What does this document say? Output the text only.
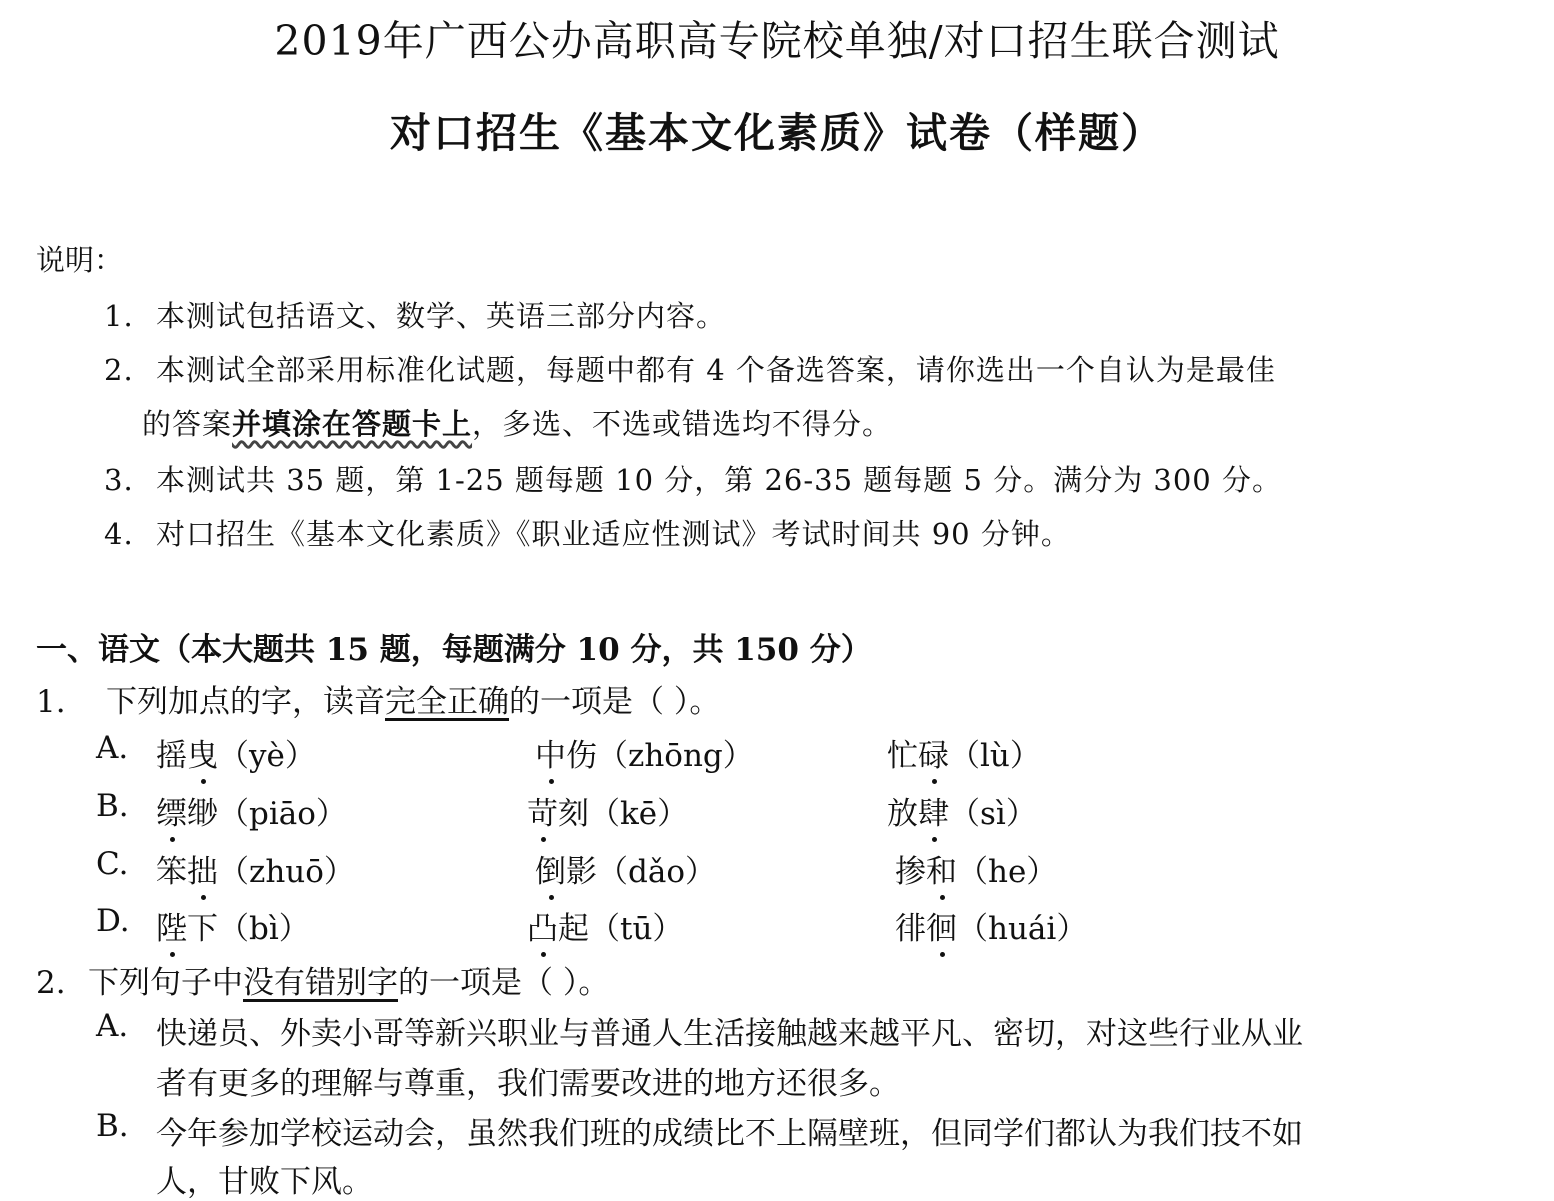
2019年广西公办高职高专院校单独/对口招生联合测试
对口招生《基本文化素质》试卷（样题）
说明：
1. 本测试包括语文、数学、英语三部分内容。
2. 本测试全部采用标准化试题，每题中都有 4 个备选答案，请你选出一个自认为是最佳
的答案并填涂在答题卡上，多选、不选或错选均不得分。
3. 本测试共 35 题，第 1-25 题每题 10 分，第 26-35 题每题 5 分。满分为 300 分。
4. 对口招生《基本文化素质》《职业适应性测试》考试时间共 90 分钟。
一、语文（本大题共 15 题，每题满分 10 分，共 150 分）
1. 下列加点的字，读音完全正确的一项是（ ）。
A. 摇曳（yè）	中伤（zhōng）	忙碌（lù）
B. 缥缈（piāo）	苛刻（kē）	放肆（sì）
C. 笨拙（zhuō）	倒影（dǎo）	掺和（he）
D. 陛下（bì）	凸起（tū）	徘徊（huái）
2. 下列句子中没有错别字的一项是（ ）。
A. 快递员、外卖小哥等新兴职业与普通人生活接触越来越平凡、密切，对这些行业从业
者有更多的理解与尊重，我们需要改进的地方还很多。
B. 今年参加学校运动会，虽然我们班的成绩比不上隔壁班，但同学们都认为我们技不如
人，甘败下风。
